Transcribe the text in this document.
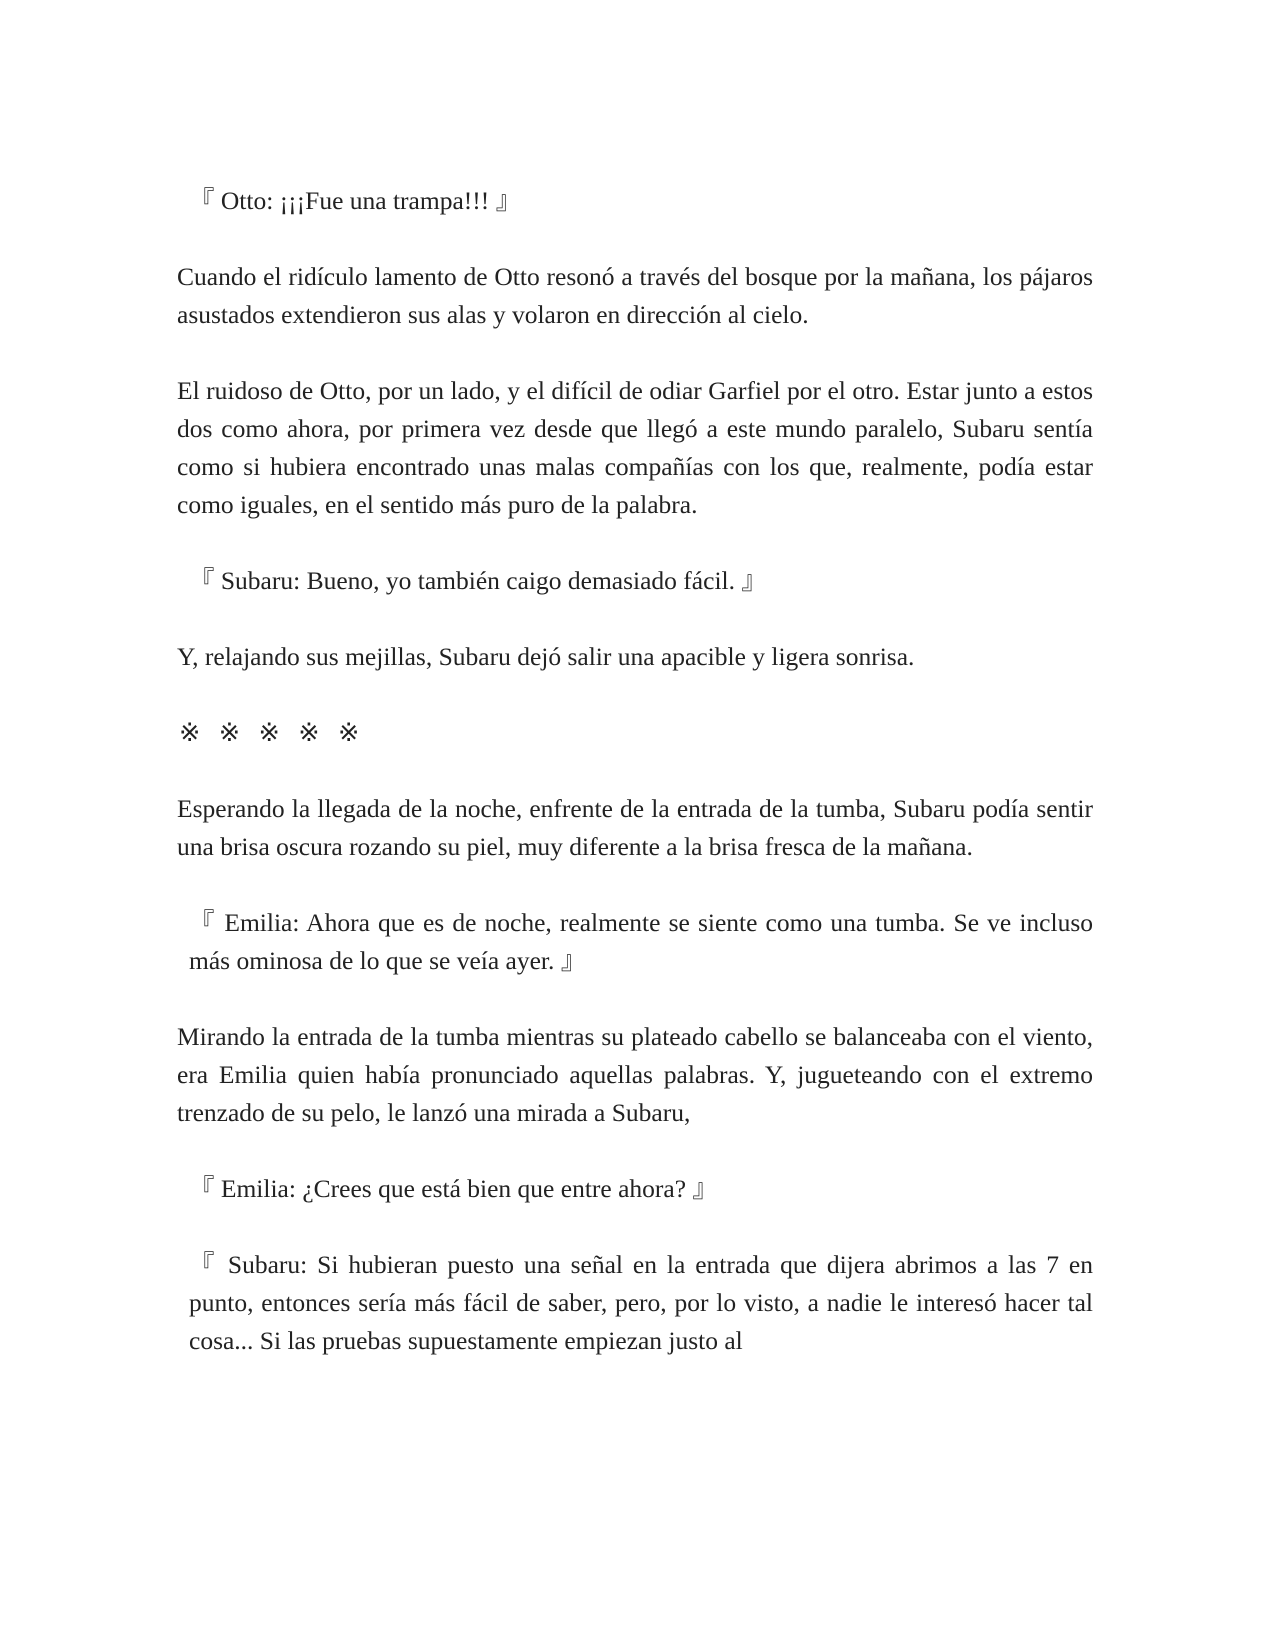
『 Otto: ¡¡¡Fue una trampa!!! 』

Cuando el ridículo lamento de Otto resonó a través del bosque por la mañana, los pájaros asustados extendieron sus alas y volaron en dirección al cielo.

El ruidoso de Otto, por un lado, y el difícil de odiar Garfiel por el otro. Estar junto a estos dos como ahora, por primera vez desde que llegó a este mundo paralelo, Subaru sentía como si hubiera encontrado unas malas compañías con los que, realmente, podía estar como iguales, en el sentido más puro de la palabra.

『 Subaru: Bueno, yo también caigo demasiado fácil. 』

Y, relajando sus mejillas, Subaru dejó salir una apacible y ligera sonrisa.

※ ※ ※ ※ ※

Esperando la llegada de la noche, enfrente de la entrada de la tumba, Subaru podía sentir una brisa oscura rozando su piel, muy diferente a la brisa fresca de la mañana.

『 Emilia: Ahora que es de noche, realmente se siente como una tumba. Se ve incluso más ominosa de lo que se veía ayer. 』

Mirando la entrada de la tumba mientras su plateado cabello se balanceaba con el viento, era Emilia quien había pronunciado aquellas palabras. Y, jugueteando con el extremo trenzado de su pelo, le lanzó una mirada a Subaru,

『 Emilia: ¿Crees que está bien que entre ahora? 』

『 Subaru: Si hubieran puesto una señal en la entrada que dijera abrimos a las 7 en punto, entonces sería más fácil de saber, pero, por lo visto, a nadie le interesó hacer tal cosa... Si las pruebas supuestamente empiezan justo al
